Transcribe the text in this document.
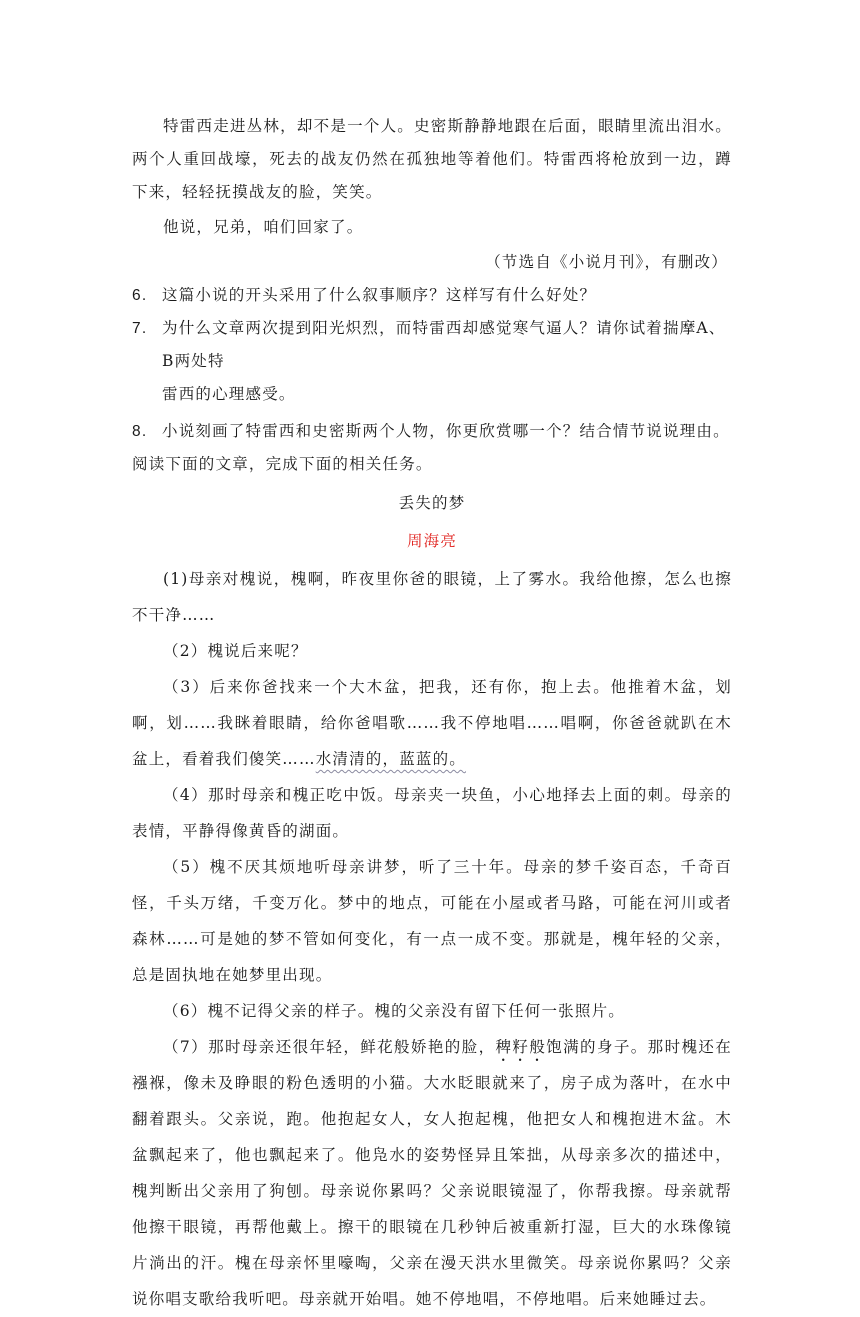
特雷西走进丛林，却不是一个人。史密斯静静地跟在后面，眼睛里流出泪水。两个人重回战壕，死去的战友仍然在孤独地等着他们。特雷西将枪放到一边，蹲下来，轻轻抚摸战友的脸，笑笑。

他说，兄弟，咱们回家了。

（节选自《小说月刊》，有删改）

6. 这篇小说的开头采用了什么叙事顺序？这样写有什么好处？
7. 为什么文章两次提到阳光炽烈，而特雷西却感觉寒气逼人？请你试着揣摩A、B两处特

雷西的心理感受。

8. 小说刻画了特雷西和史密斯两个人物，你更欣赏哪一个？结合情节说说理由。

阅读下面的文章，完成下面的相关任务。

丢失的梦

周海亮

(1)母亲对槐说，槐啊，昨夜里你爸的眼镜，上了雾水。我给他擦，怎么也擦不干净……

（2）槐说后来呢？

（3）后来你爸找来一个大木盆，把我，还有你，抱上去。他推着木盆，划啊，划……我眯着眼睛，给你爸唱歌……我不停地唱……唱啊，你爸爸就趴在木盆上，看着我们傻笑……水清清的，蓝蓝的。

（4）那时母亲和槐正吃中饭。母亲夹一块鱼，小心地择去上面的刺。母亲的表情，平静得像黄昏的湖面。

（5）槐不厌其烦地听母亲讲梦，听了三十年。母亲的梦千姿百态，千奇百怪，千头万绪，千变万化。梦中的地点，可能在小屋或者马路，可能在河川或者森林……可是她的梦不管如何变化，有一点一成不变。那就是，槐年轻的父亲，总是固执地在她梦里出现。

（6）槐不记得父亲的样子。槐的父亲没有留下任何一张照片。

（7）那时母亲还很年轻，鲜花般娇艳的脸，稗籽般饱满的身子。那时槐还在襁褓，像未及睁眼的粉色透明的小猫。大水眨眼就来了，房子成为落叶，在水中翻着跟头。父亲说，跑。他抱起女人，女人抱起槐，他把女人和槐抱进木盆。木盆飘起来了，他也飘起来了。他凫水的姿势怪异且笨拙，从母亲多次的描述中，槐判断出父亲用了狗刨。母亲说你累吗？父亲说眼镜湿了，你帮我擦。母亲就帮他擦干眼镜，再帮他戴上。擦干的眼镜在几秒钟后被重新打湿，巨大的水珠像镜片淌出的汗。槐在母亲怀里嚎啕，父亲在漫天洪水里微笑。母亲说你累吗？父亲说你唱支歌给我听吧。母亲就开始唱。她不停地唱，不停地唱。后来她睡过去。
